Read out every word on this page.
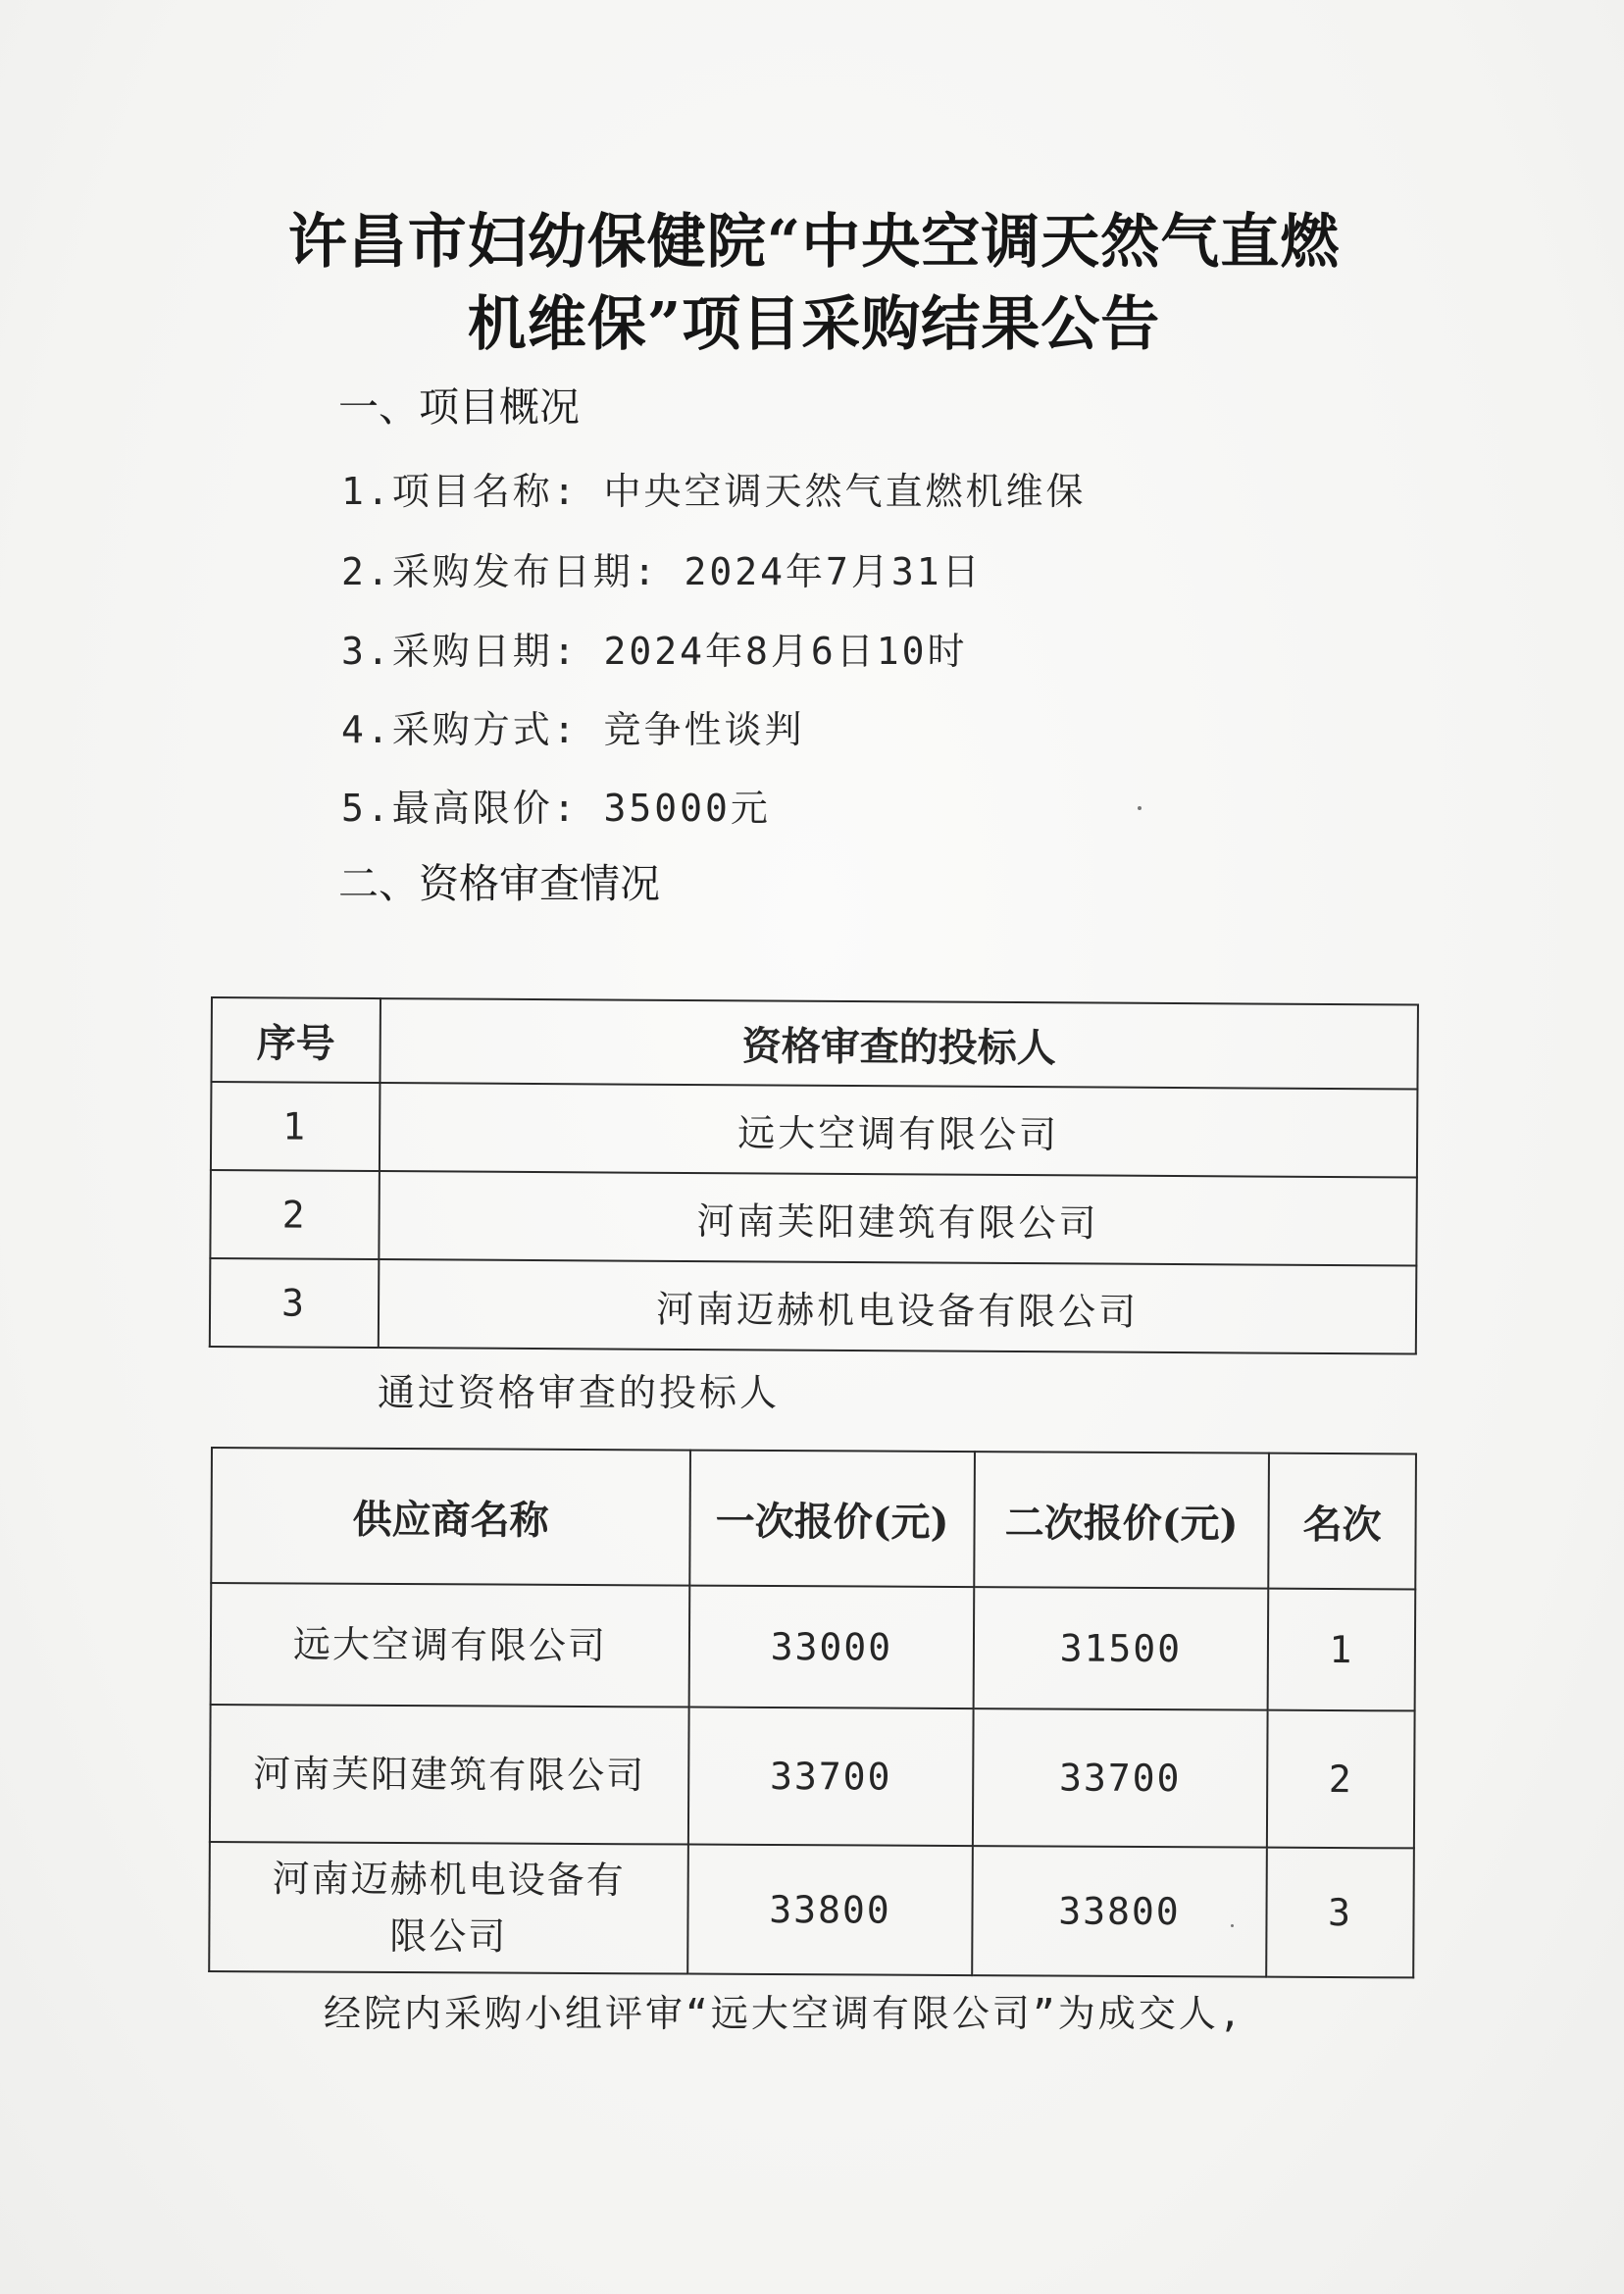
许昌市妇幼保健院“中央空调天然气直燃
机维保”项目采购结果公告
一、项目概况
1.项目名称: 中央空调天然气直燃机维保
2.采购发布日期: 2024年7月31日
3.采购日期: 2024年8月6日10时
4.采购方式: 竞争性谈判
5.最高限价: 35000元
二、资格审查情况
序号	资格审查的投标人
1	远大空调有限公司
2	河南芙阳建筑有限公司
3	河南迈赫机电设备有限公司
通过资格审查的投标人
供应商名称	一次报价(元)	二次报价(元)	名次
远大空调有限公司	33000	31500	1
河南芙阳建筑有限公司	33700	33700	2
河南迈赫机电设备有限公司	33800	33800	3
经院内采购小组评审“远大空调有限公司”为成交人,
